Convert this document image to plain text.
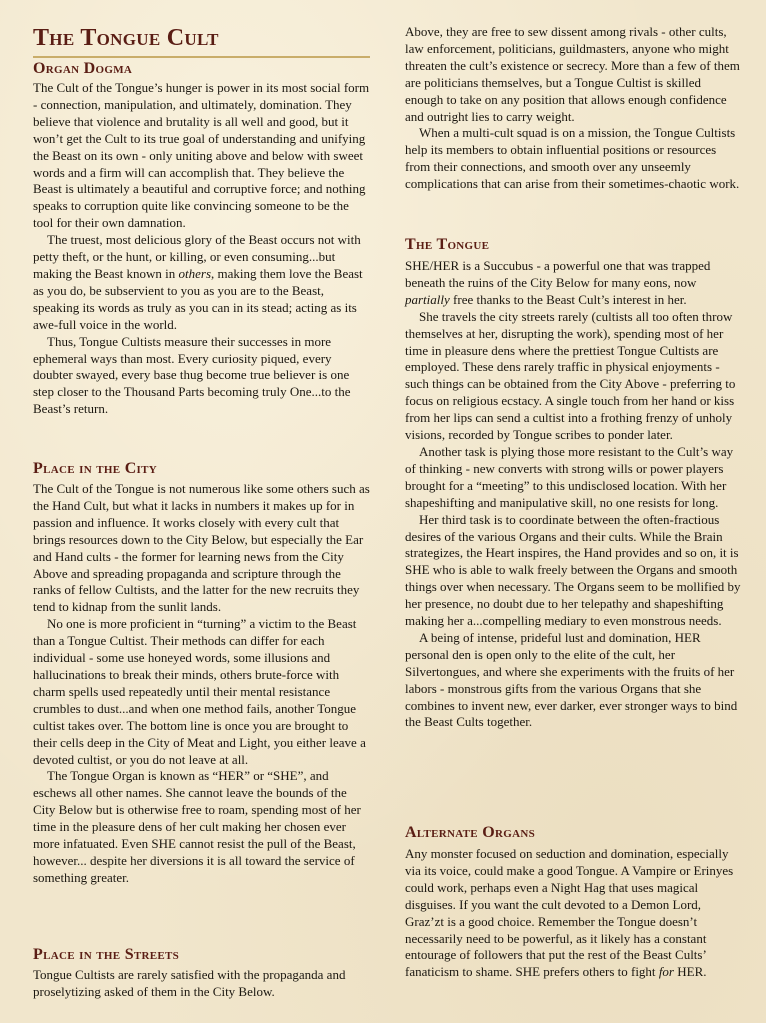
The Tongue Cult
Organ Dogma

The Cult of the Tongue’s hunger is power in its most social form - connection, manipulation, and ultimately, domination. They believe that violence and brutality is all well and good, but it won’t get the Cult to its true goal of understanding and unifying the Beast on its own - only uniting above and below with sweet words and a firm will can accomplish that. They believe the Beast is ultimately a beautiful and corruptive force; and nothing speaks to corruption quite like convincing someone to be the tool for their own damnation.

The truest, most delicious glory of the Beast occurs not with petty theft, or the hunt, or killing, or even consuming...but making the Beast known in others, making them love the Beast as you do, be subservient to you as you are to the Beast, speaking its words as truly as you can in its stead; acting as its awe-full voice in the world.

Thus, Tongue Cultists measure their successes in more ephemeral ways than most. Every curiosity piqued, every doubter swayed, every base thug become true believer is one step closer to the Thousand Parts becoming truly One...to the Beast’s return.

Place in the City

The Cult of the Tongue is not numerous like some others such as the Hand Cult, but what it lacks in numbers it makes up for in passion and influence. It works closely with every cult that brings resources down to the City Below, but especially the Ear and Hand cults - the former for learning news from the City Above and spreading propaganda and scripture through the ranks of fellow Cultists, and the latter for the new recruits they tend to kidnap from the sunlit lands.

No one is more proficient in “turning” a victim to the Beast than a Tongue Cultist. Their methods can differ for each individual - some use honeyed words, some illusions and hallucinations to break their minds, others brute-force with charm spells used repeatedly until their mental resistance crumbles to dust...and when one method fails, another Tongue cultist takes over. The bottom line is once you are brought to their cells deep in the City of Meat and Light, you either leave a devoted cultist, or you do not leave at all.

The Tongue Organ is known as “HER” or “SHE”, and eschews all other names. She cannot leave the bounds of the City Below but is otherwise free to roam, spending most of her time in the pleasure dens of her cult making her chosen ever more infatuated. Even SHE cannot resist the pull of the Beast, however... despite her diversions it is all toward the service of something greater.

Place in the Streets

Tongue Cultists are rarely satisfied with the propaganda and proselytizing asked of them in the City Below.

Above, they are free to sew dissent among rivals - other cults, law enforcement, politicians, guildmasters, anyone who might threaten the cult’s existence or secrecy. More than a few of them are politicians themselves, but a Tongue Cultist is skilled enough to take on any position that allows enough confidence and outright lies to carry weight.

When a multi-cult squad is on a mission, the Tongue Cultists help its members to obtain influential positions or resources from their connections, and smooth over any unseemly complications that can arise from their sometimes-chaotic work.

The Tongue

SHE/HER is a Succubus - a powerful one that was trapped beneath the ruins of the City Below for many eons, now partially free thanks to the Beast Cult’s interest in her.

She travels the city streets rarely (cultists all too often throw themselves at her, disrupting the work), spending most of her time in pleasure dens where the prettiest Tongue Cultists are employed. These dens rarely traffic in physical enjoyments - such things can be obtained from the City Above - preferring to focus on religious ecstacy. A single touch from her hand or kiss from her lips can send a cultist into a frothing frenzy of unholy visions, recorded by Tongue scribes to ponder later.

Another task is plying those more resistant to the Cult’s way of thinking - new converts with strong wills or power players brought for a “meeting” to this undisclosed location. With her shapeshifting and manipulative skill, no one resists for long.

Her third task is to coordinate between the often-fractious desires of the various Organs and their cults. While the Brain strategizes, the Heart inspires, the Hand provides and so on, it is SHE who is able to walk freely between the Organs and smooth things over when necessary. The Organs seem to be mollified by her presence, no doubt due to her telepathy and shapeshifting making her a...compelling mediary to even monstrous needs.

A being of intense, prideful lust and domination, HER personal den is open only to the elite of the cult, her Silvertongues, and where she experiments with the fruits of her labors - monstrous gifts from the various Organs that she combines to invent new, ever darker, ever stronger ways to bind the Beast Cults together.

Alternate Organs

Any monster focused on seduction and domination, especially via its voice, could make a good Tongue. A Vampire or Erinyes could work, perhaps even a Night Hag that uses magical disguises. If you want the cult devoted to a Demon Lord, Graz’zt is a good choice. Remember the Tongue doesn’t necessarily need to be powerful, as it likely has a constant entourage of followers that put the rest of the Beast Cults’ fanaticism to shame. SHE prefers others to fight for HER.
